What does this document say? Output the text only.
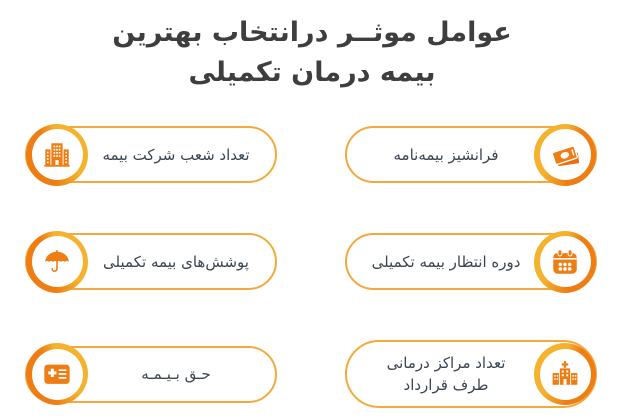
عوامل موثــر درانتخاب بهترین
بیمه درمان تکمیلی
فرانشیز بیمه‌نامه
تعداد شعب شرکت بیمه
دوره انتظار بیمه تکمیلی
پوشش‌های بیمه تکمیلی
تعداد مراکز درمانی
طرف قرارداد
حـق بـیـمـه
